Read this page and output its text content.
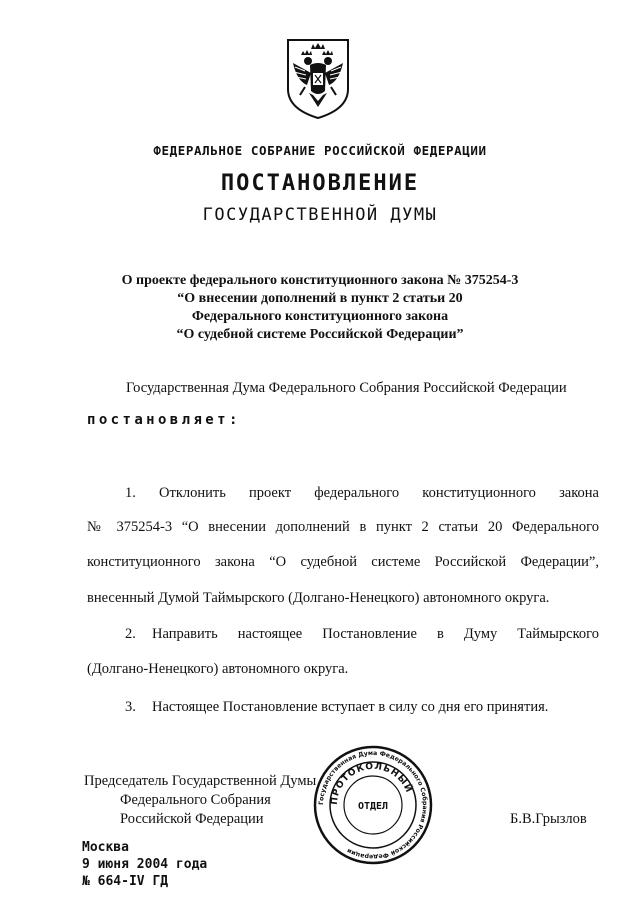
ФЕДЕРАЛЬНОЕ СОБРАНИЕ РОССИЙСКОЙ ФЕДЕРАЦИИ
ПОСТАНОВЛЕНИЕ
ГОСУДАРСТВЕННОЙ ДУМЫ
О проекте федерального конституционного закона № 375254-3
“О внесении дополнений в пункт 2 статьи 20
Федерального конституционного закона
“О судебной системе Российской Федерации”
Государственная Дума Федерального Собрания Российской Федерации
постановляет:
1. Отклонить проект федерального конституционного закона
№ 375254-3 “О внесении дополнений в пункт 2 статьи 20 Федерального
конституционного закона “О судебной системе Российской Федерации”,
внесенный Думой Таймырского (Долгано-Ненецкого) автономного округа.
2. Направить настоящее Постановление в Думу Таймырского
(Долгано-Ненецкого) автономного округа.
3. Настоящее Постановление вступает в силу со дня его принятия.
Председатель Государственной Думы
Федерального Собрания
Российской Федерации	Б.В.Грызлов
Государственная Дума Федерального Собрания Российской Федерации
ПРОТОКОЛЬНЫЙ
ОТДЕЛ
Москва
9 июня 2004 года
№ 664-IV ГД
